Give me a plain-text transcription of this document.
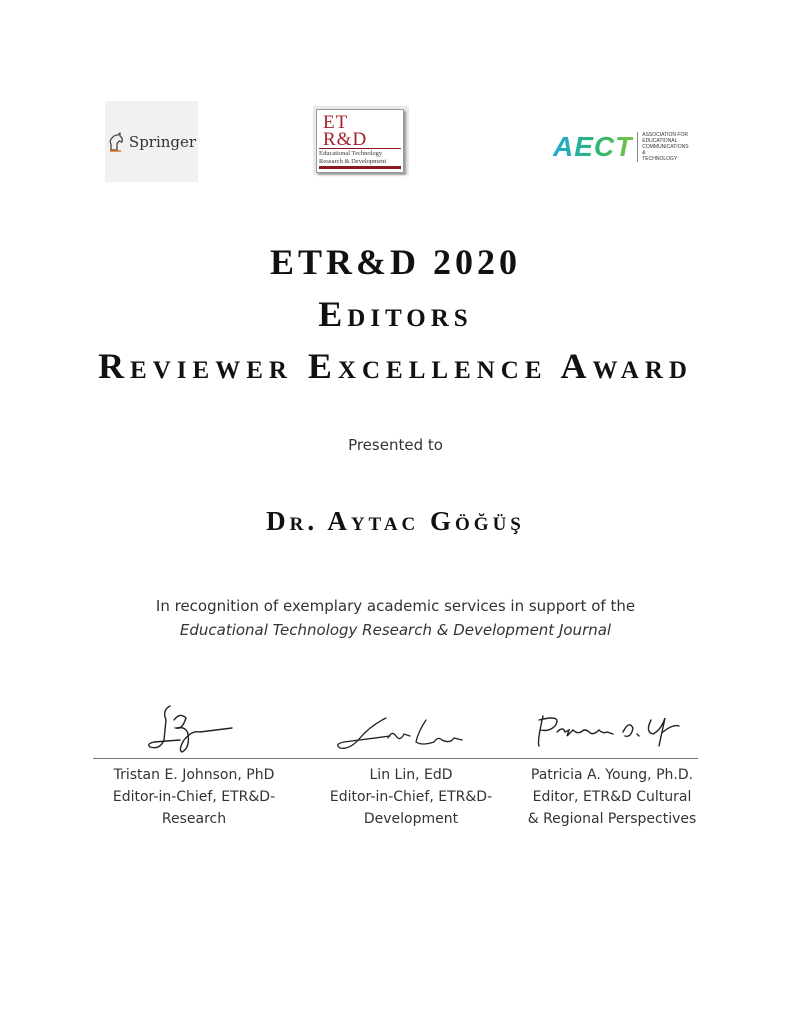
Springer
ET
R&D
Educational Technology
Research & Development	AECT ASSOCIATION FOR
EDUCATIONAL
COMMUNICATIONS &
TECHNOLOGY
ETR&D 2020
Editors
Reviewer Excellence Award
Presented to
Dr. Aytac Göğüş
In recognition of exemplary academic services in support of the
Educational Technology Research & Development Journal
Tristan E. Johnson, PhD
Editor-in-Chief, ETR&D-
Research
Lin Lin, EdD
Editor-in-Chief, ETR&D-
Development
Patricia A. Young, Ph.D.
Editor, ETR&D Cultural
& Regional Perspectives
